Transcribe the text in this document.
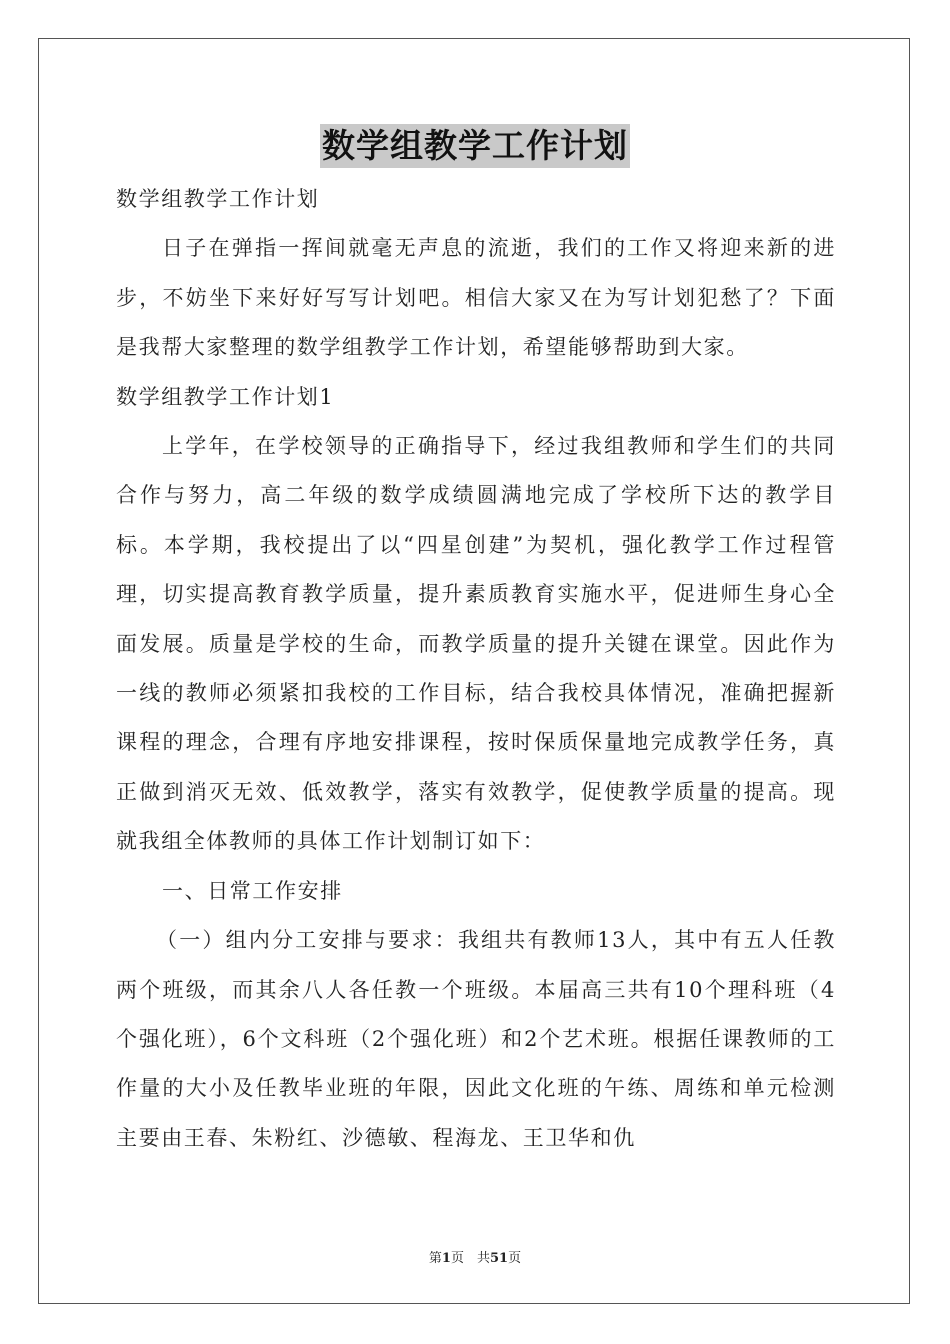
数学组教学工作计划

数学组教学工作计划

日子在弹指一挥间就毫无声息的流逝，我们的工作又将迎来新的进步，不妨坐下来好好写写计划吧。相信大家又在为写计划犯愁了？下面是我帮大家整理的数学组教学工作计划，希望能够帮助到大家。

数学组教学工作计划1

上学年，在学校领导的正确指导下，经过我组教师和学生们的共同合作与努力，高二年级的数学成绩圆满地完成了学校所下达的教学目标。本学期，我校提出了以“四星创建”为契机，强化教学工作过程管理，切实提高教育教学质量，提升素质教育实施水平，促进师生身心全面发展。质量是学校的生命，而教学质量的提升关键在课堂。因此作为一线的教师必须紧扣我校的工作目标，结合我校具体情况，准确把握新课程的理念，合理有序地安排课程，按时保质保量地完成教学任务，真正做到消灭无效、低效教学，落实有效教学，促使教学质量的提高。现就我组全体教师的具体工作计划制订如下：

一、日常工作安排

（一）组内分工安排与要求：我组共有教师13人，其中有五人任教两个班级，而其余八人各任教一个班级。本届高三共有10个理科班（4个强化班），6个文科班（2个强化班）和2个艺术班。根据任课教师的工作量的大小及任教毕业班的年限，因此文化班的午练、周练和单元检测主要由王春、朱粉红、沙德敏、程海龙、王卫华和仇

第1页　共51页
